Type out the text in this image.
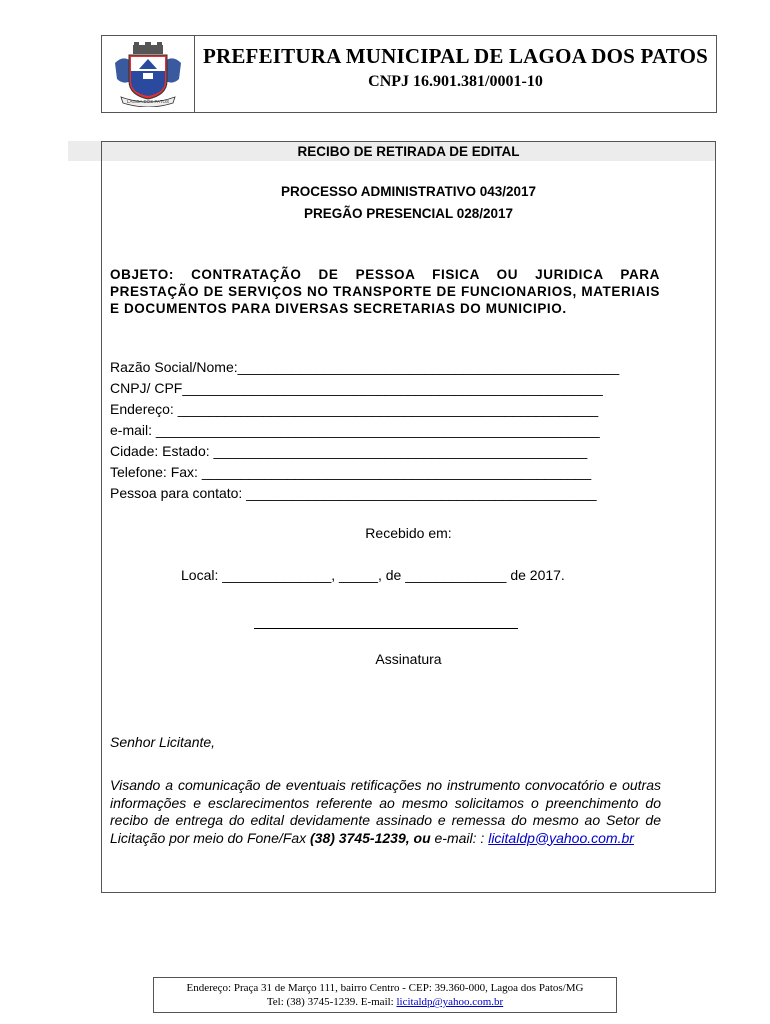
LAGOA DOS PATOS
PREFEITURA MUNICIPAL DE LAGOA DOS PATOS
CNPJ 16.901.381/0001-10
RECIBO DE RETIRADA DE EDITAL
PROCESSO ADMINISTRATIVO 043/2017
PREGÃO PRESENCIAL 028/2017
OBJETO: CONTRATAÇÃO DE PESSOA FISICA OU JURIDICA PARA PRESTAÇÃO DE SERVIÇOS NO TRANSPORTE DE FUNCIONARIOS, MATERIAIS E DOCUMENTOS PARA DIVERSAS SECRETARIAS DO MUNICIPIO.
Razão Social/Nome:_________________________________________________
CNPJ/ CPF______________________________________________________
Endereço: ______________________________________________________
e-mail: _________________________________________________________
Cidade: Estado: ________________________________________________
Telefone: Fax: __________________________________________________
Pessoa para contato: _____________________________________________
Recebido em:
Local: ______________, _____, de _____________ de 2017.
Assinatura
Senhor Licitante,
Visando a comunicação de eventuais retificações no instrumento convocatório e outras informações e esclarecimentos referente ao mesmo solicitamos o preenchimento do recibo de entrega do edital devidamente assinado e remessa do mesmo ao Setor de Licitação por meio do Fone/Fax (38) 3745-1239, ou e-mail: : licitaldp@yahoo.com.br
Endereço: Praça 31 de Março 111, bairro Centro - CEP: 39.360-000, Lagoa dos Patos/MG
Tel: (38) 3745-1239. E-mail: licitaldp@yahoo.com.br
